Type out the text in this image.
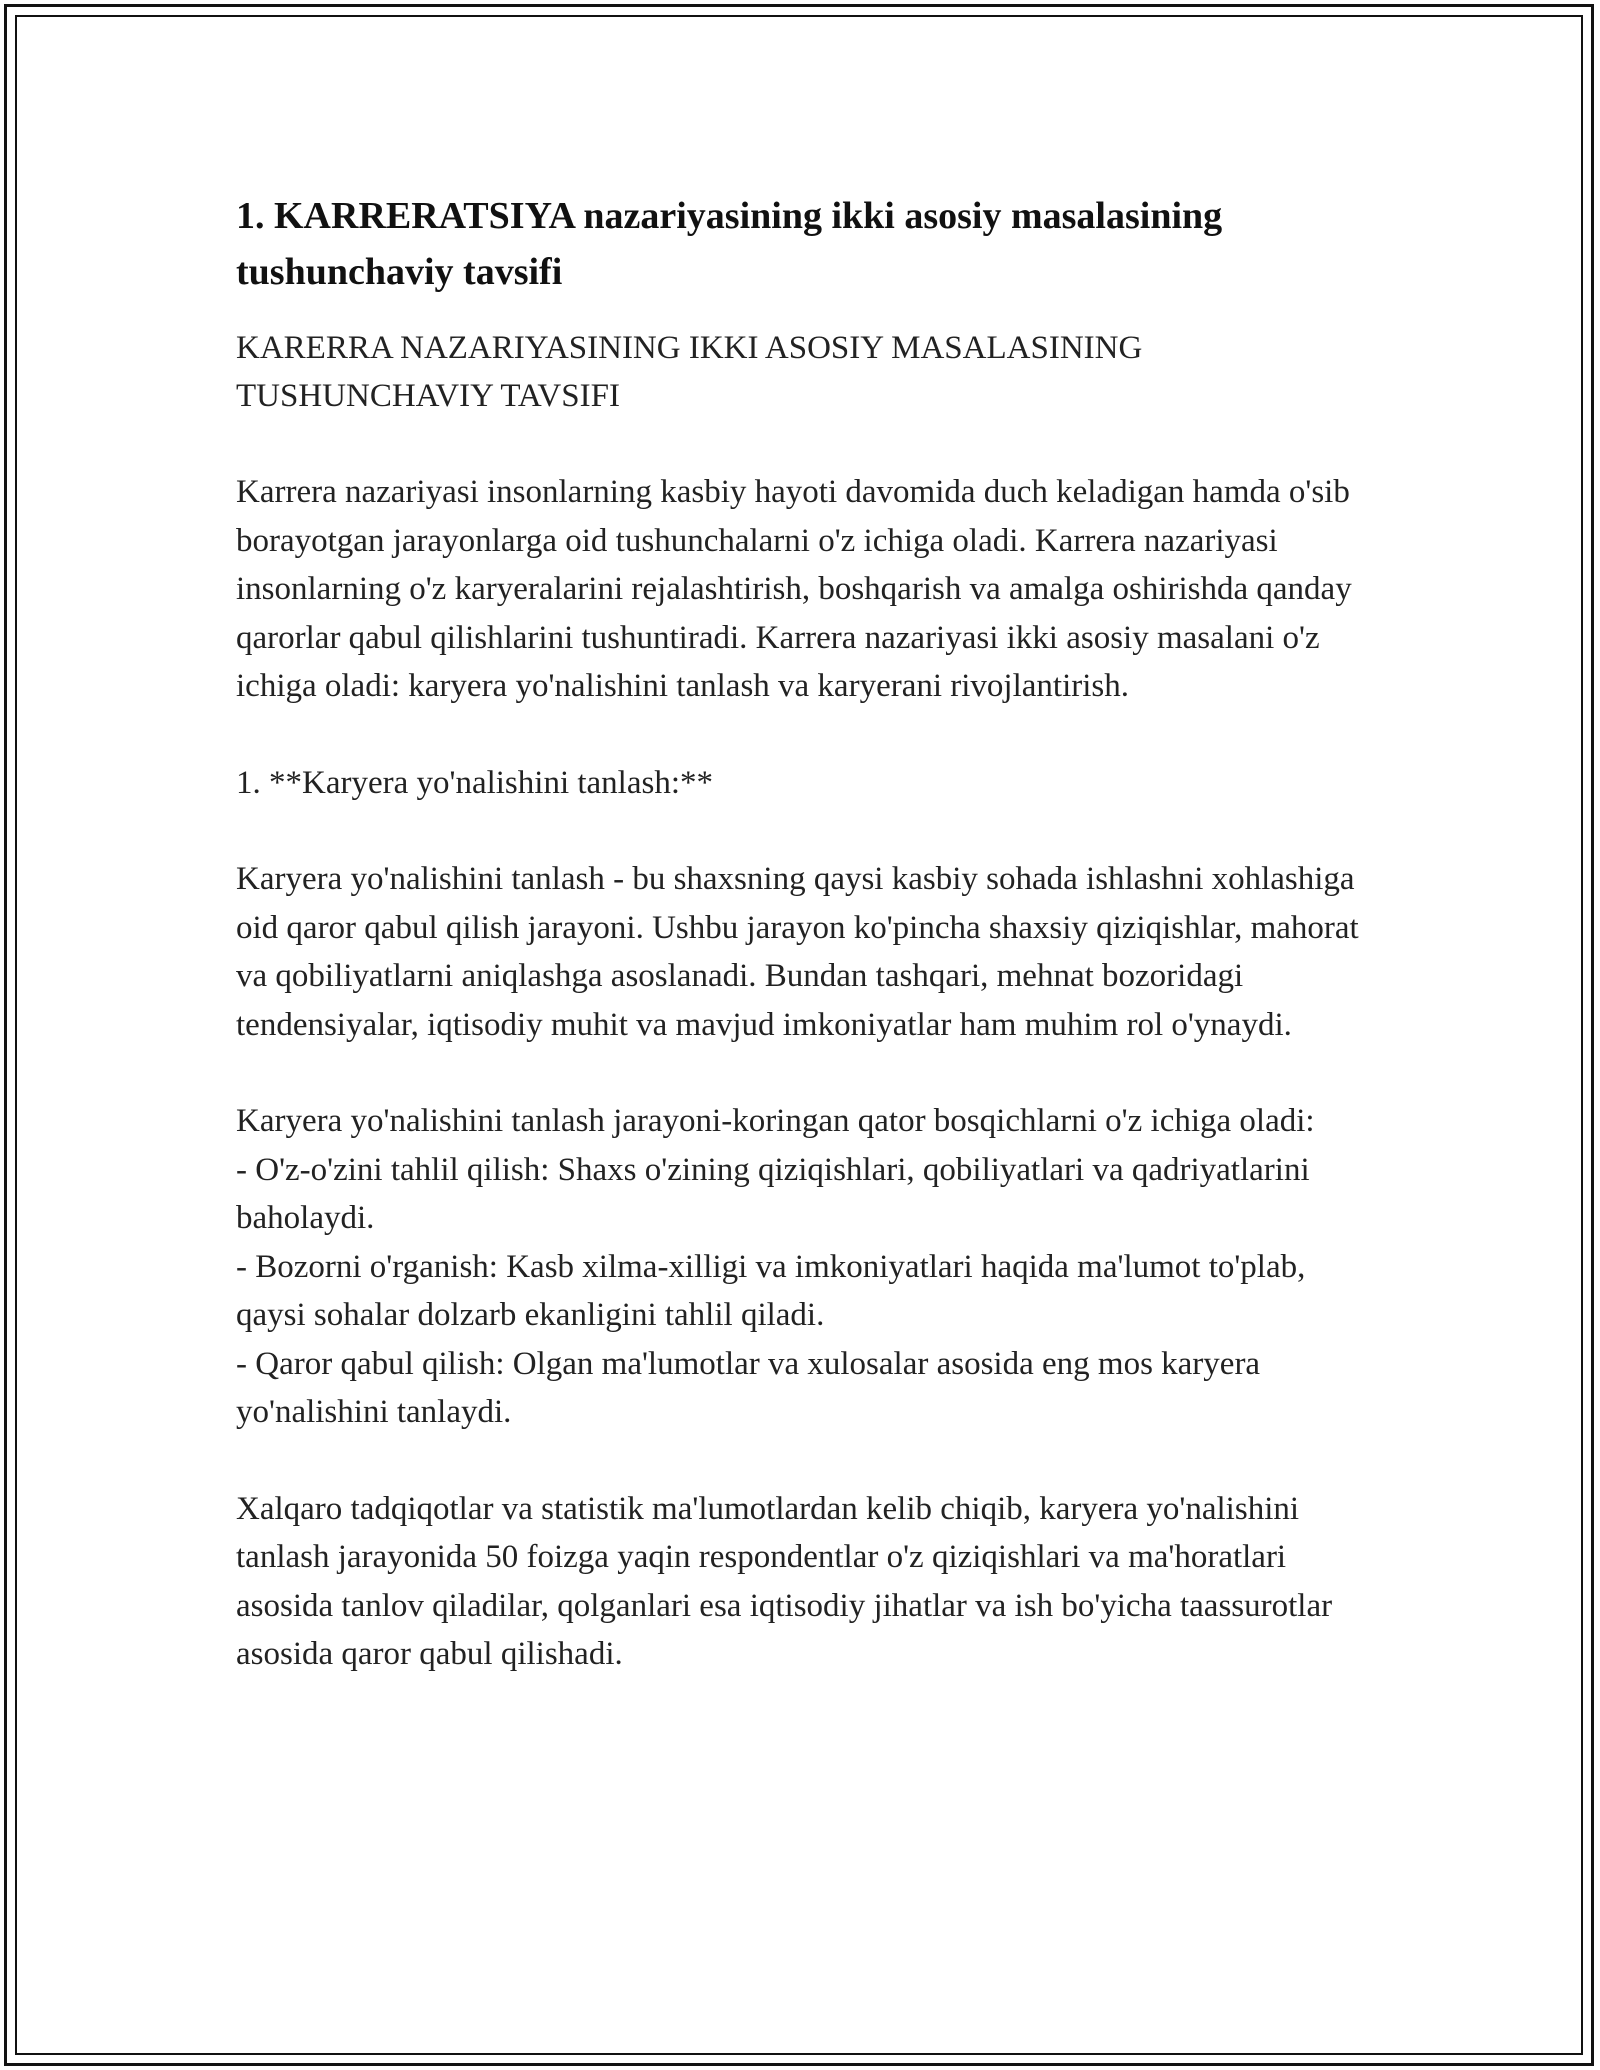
1. KARRERATSIYA nazariyasining ikki asosiy masalasining tushunchaviy tavsifi

KARERRA NAZARIYASINING IKKI ASOSIY MASALASINING TUSHUNCHAVIY TAVSIFI

Karrera nazariyasi insonlarning kasbiy hayoti davomida duch keladigan hamda o'sib borayotgan jarayonlarga oid tushunchalarni o'z ichiga oladi. Karrera nazariyasi insonlarning o'z karyeralarini rejalashtirish, boshqarish va amalga oshirishda qanday qarorlar qabul qilishlarini tushuntiradi. Karrera nazariyasi ikki asosiy masalani o'z ichiga oladi: karyera yo'nalishini tanlash va karyerani rivojlantirish.

1. **Karyera yo'nalishini tanlash:**

Karyera yo'nalishini tanlash - bu shaxsning qaysi kasbiy sohada ishlashni xohlashiga oid qaror qabul qilish jarayoni. Ushbu jarayon ko'pincha shaxsiy qiziqishlar, mahorat va qobiliyatlarni aniqlashga asoslanadi. Bundan tashqari, mehnat bozoridagi tendensiyalar, iqtisodiy muhit va mavjud imkoniyatlar ham muhim rol o'ynaydi.

Karyera yo'nalishini tanlash jarayoni-koringan qator bosqichlarni o'z ichiga oladi:
- O'z-o'zini tahlil qilish: Shaxs o'zining qiziqishlari, qobiliyatlari va qadriyatlarini baholaydi.
- Bozorni o'rganish: Kasb xilma-xilligi va imkoniyatlari haqida ma'lumot to'plab, qaysi sohalar dolzarb ekanligini tahlil qiladi.
- Qaror qabul qilish: Olgan ma'lumotlar va xulosalar asosida eng mos karyera yo'nalishini tanlaydi.

Xalqaro tadqiqotlar va statistik ma'lumotlardan kelib chiqib, karyera yo'nalishini tanlash jarayonida 50 foizga yaqin respondentlar o'z qiziqishlari va ma'horatlari asosida tanlov qiladilar, qolganlari esa iqtisodiy jihatlar va ish bo'yicha taassurotlar asosida qaror qabul qilishadi.
